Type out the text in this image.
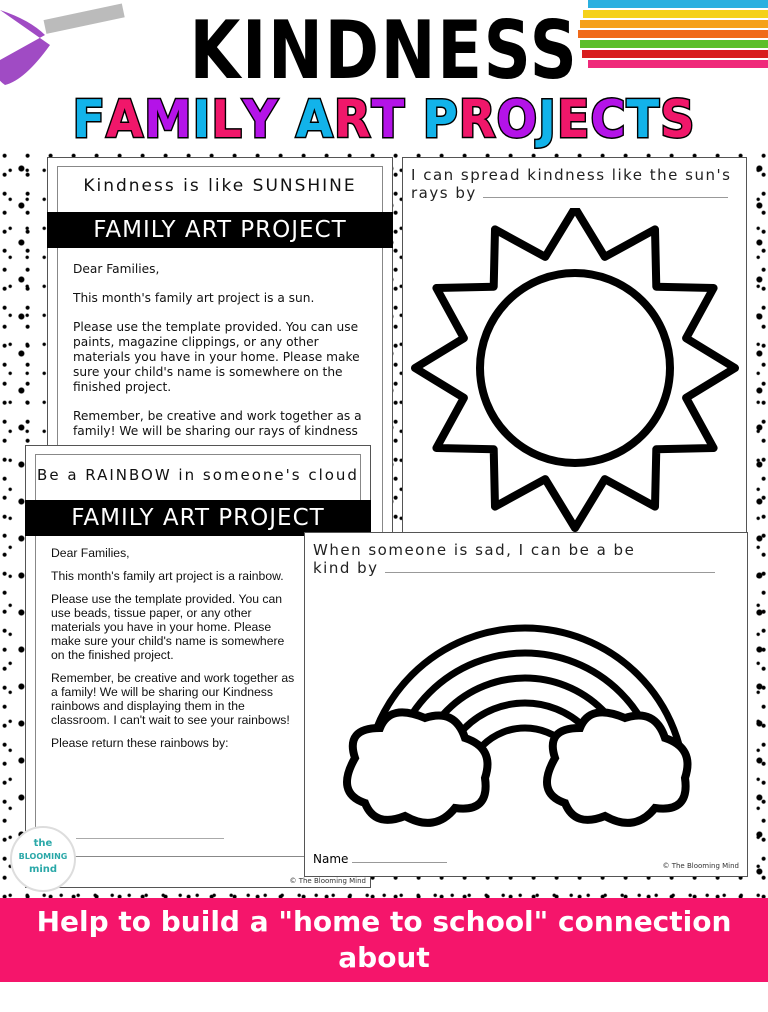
KINDNESS
FAMILY ART PROJECTS
Kindness is like SUNSHINE
FAMILY ART PROJECT

Dear Families,

This month's family art project is a sun.

Please use the template provided. You can use
paints, magazine clippings, or any other
materials you have in your home. Please make
sure your child's name is somewhere on the
finished project.

Remember, be creative and work together as a
family! We will be sharing our rays of kindness

I can spread kindness like the sun's
rays by
Be a RAINBOW in someone's cloud
FAMILY ART PROJECT

Dear Families,

This month's family art project is a rainbow.

Please use the template provided. You can use beads, tissue paper, or any other materials you have in your home. Please make sure your child's name is somewhere on the finished project.

Remember, be creative and work together as a family! We will be sharing our Kindness rainbows and displaying them in the classroom. I can't wait to see your rainbows!

Please return these rainbows by:

© The Blooming Mind
When someone is sad, I can be a be
kind by
Name	© The Blooming Mind
the
BLOOMING
mind
Help to build a "home to school" connection about
KINDNESS with your students and their families.
